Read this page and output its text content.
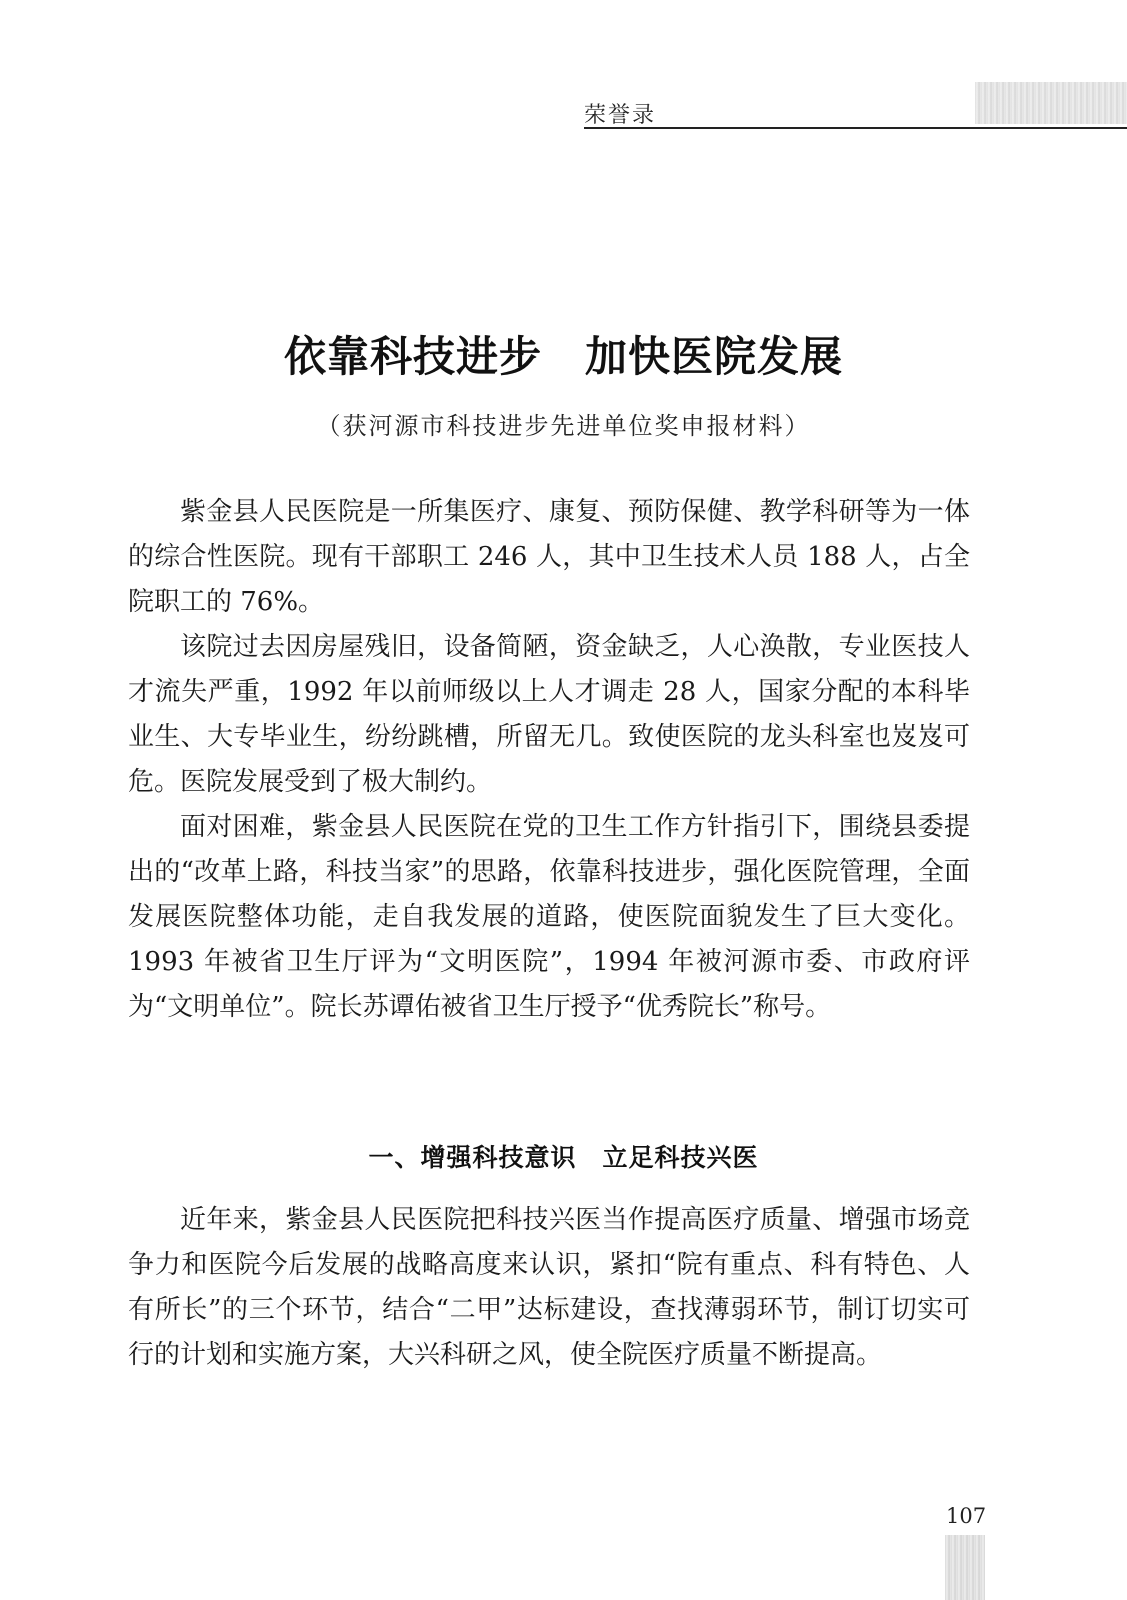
荣誉录
依靠科技进步　加快医院发展
（获河源市科技进步先进单位奖申报材料）

紫金县人民医院是一所集医疗、康复、预防保健、教学科研等为一体的综合性医院。现有干部职工 246 人，其中卫生技术人员 188 人，占全院职工的 76%。

该院过去因房屋残旧，设备简陋，资金缺乏，人心涣散，专业医技人才流失严重，1992 年以前师级以上人才调走 28 人，国家分配的本科毕业生、大专毕业生，纷纷跳槽，所留无几。致使医院的龙头科室也岌岌可危。医院发展受到了极大制约。

面对困难，紫金县人民医院在党的卫生工作方针指引下，围绕县委提出的“改革上路，科技当家”的思路，依靠科技进步，强化医院管理，全面发展医院整体功能，走自我发展的道路，使医院面貌发生了巨大变化。1993 年被省卫生厅评为“文明医院”，1994 年被河源市委、市政府评为“文明单位”。院长苏谭佑被省卫生厅授予“优秀院长”称号。

一、增强科技意识　立足科技兴医

近年来，紫金县人民医院把科技兴医当作提高医疗质量、增强市场竞争力和医院今后发展的战略高度来认识，紧扣“院有重点、科有特色、人有所长”的三个环节，结合“二甲”达标建设，查找薄弱环节，制订切实可行的计划和实施方案，大兴科研之风，使全院医疗质量不断提高。

107
